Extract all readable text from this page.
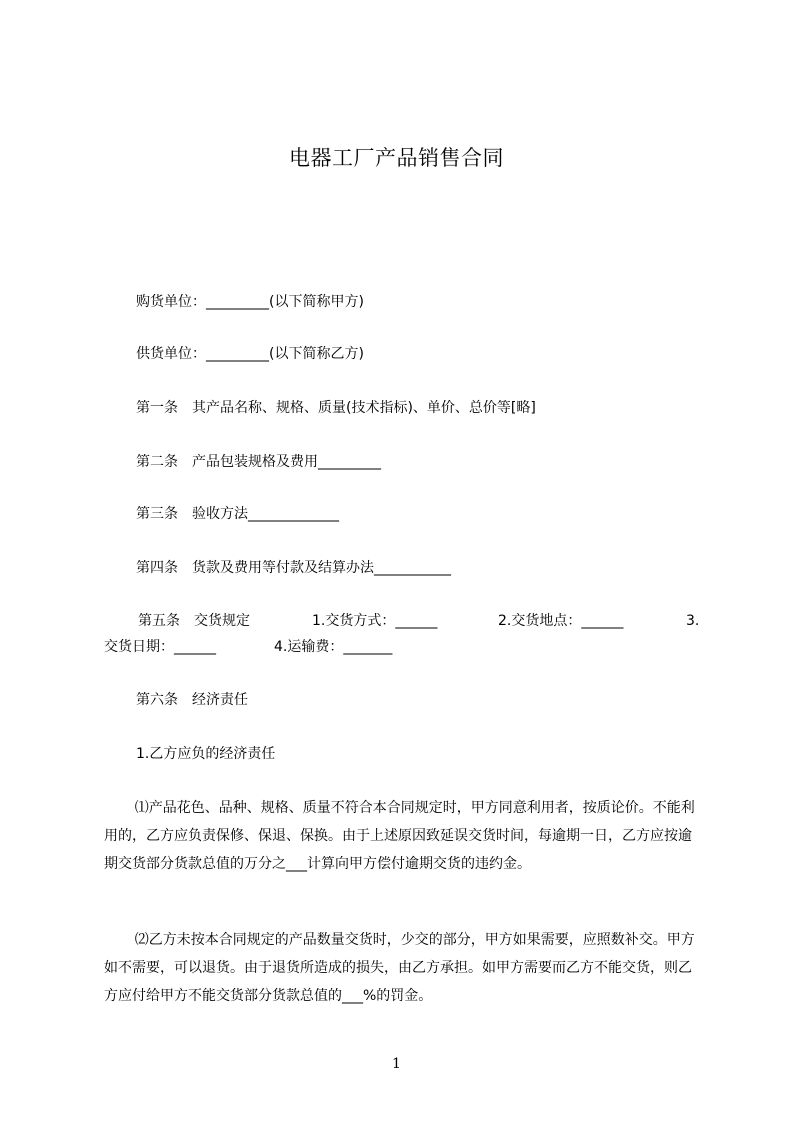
电器工厂产品销售合同
购货单位：_________(以下简称甲方)
供货单位：_________(以下简称乙方)
第一条　其产品名称、规格、质量(技术指标)、单价、总价等[略]
第二条　产品包装规格及费用_________
第三条　验收方法_____________
第四条　货款及费用等付款及结算办法___________
第五条　交货规定	1.交货方式：______	2.交货地点：______	3.
交货日期：______	4.运输费：_______
第六条　经济责任
1.乙方应负的经济责任
⑴产品花色、品种、规格、质量不符合本合同规定时，甲方同意利用者，按质论价。不能利用的，乙方应负责保修、保退、保换。由于上述原因致延误交货时间，每逾期一日，乙方应按逾期交货部分货款总值的万分之___计算向甲方偿付逾期交货的违约金。
⑵乙方未按本合同规定的产品数量交货时，少交的部分，甲方如果需要，应照数补交。甲方如不需要，可以退货。由于退货所造成的损失，由乙方承担。如甲方需要而乙方不能交货，则乙方应付给甲方不能交货部分货款总值的___%的罚金。
1
